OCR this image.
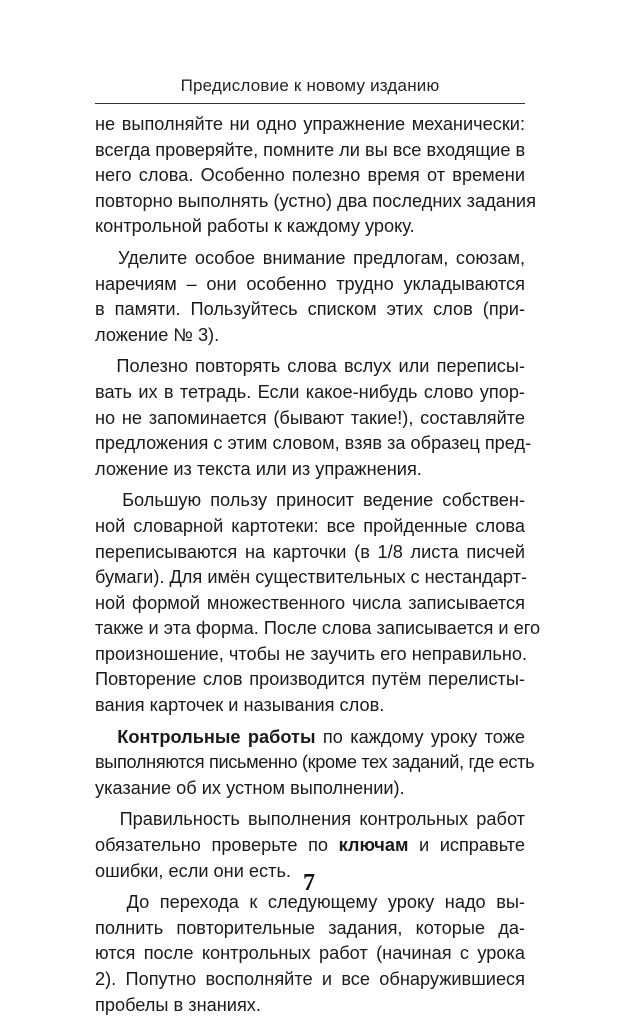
Предисловие к новому изданию
не выполняйте ни одно упражнение механически:
всегда проверяйте, помните ли вы все входящие в
него слова. Особенно полезно время от времени
повторно выполнять (устно) два последних задания
контрольной работы к каждому уроку.
Уделите особое внимание предлогам, союзам,
наречиям – они особенно трудно укладываются
в памяти. Пользуйтесь списком этих слов (при-
ложение № 3).
Полезно повторять слова вслух или переписы-
вать их в тетрадь. Если какое-нибудь слово упор-
но не запоминается (бывают такие!), составляйте
предложения с этим словом, взяв за образец пред-
ложение из текста или из упражнения.
Большую пользу приносит ведение собствен-
ной словарной картотеки: все пройденные слова
переписываются на карточки (в 1/8 листа писчей
бумаги). Для имён существительных с нестандарт-
ной формой множественного числа записывается
также и эта форма. После слова записывается и его
произношение, чтобы не заучить его неправильно.
Повторение слов производится путём перелисты-
вания карточек и называния слов.
Контрольные работы по каждому уроку тоже
выполняются письменно (кроме тех заданий, где есть
указание об их устном выполнении).
Правильность выполнения контрольных работ
обязательно проверьте по ключам и исправьте
ошибки, если они есть.
До перехода к следующему уроку надо вы-
полнить повторительные задания, которые да-
ются после контрольных работ (начиная с урока
2). Попутно восполняйте и все обнаружившиеся
пробелы в знаниях.
7
